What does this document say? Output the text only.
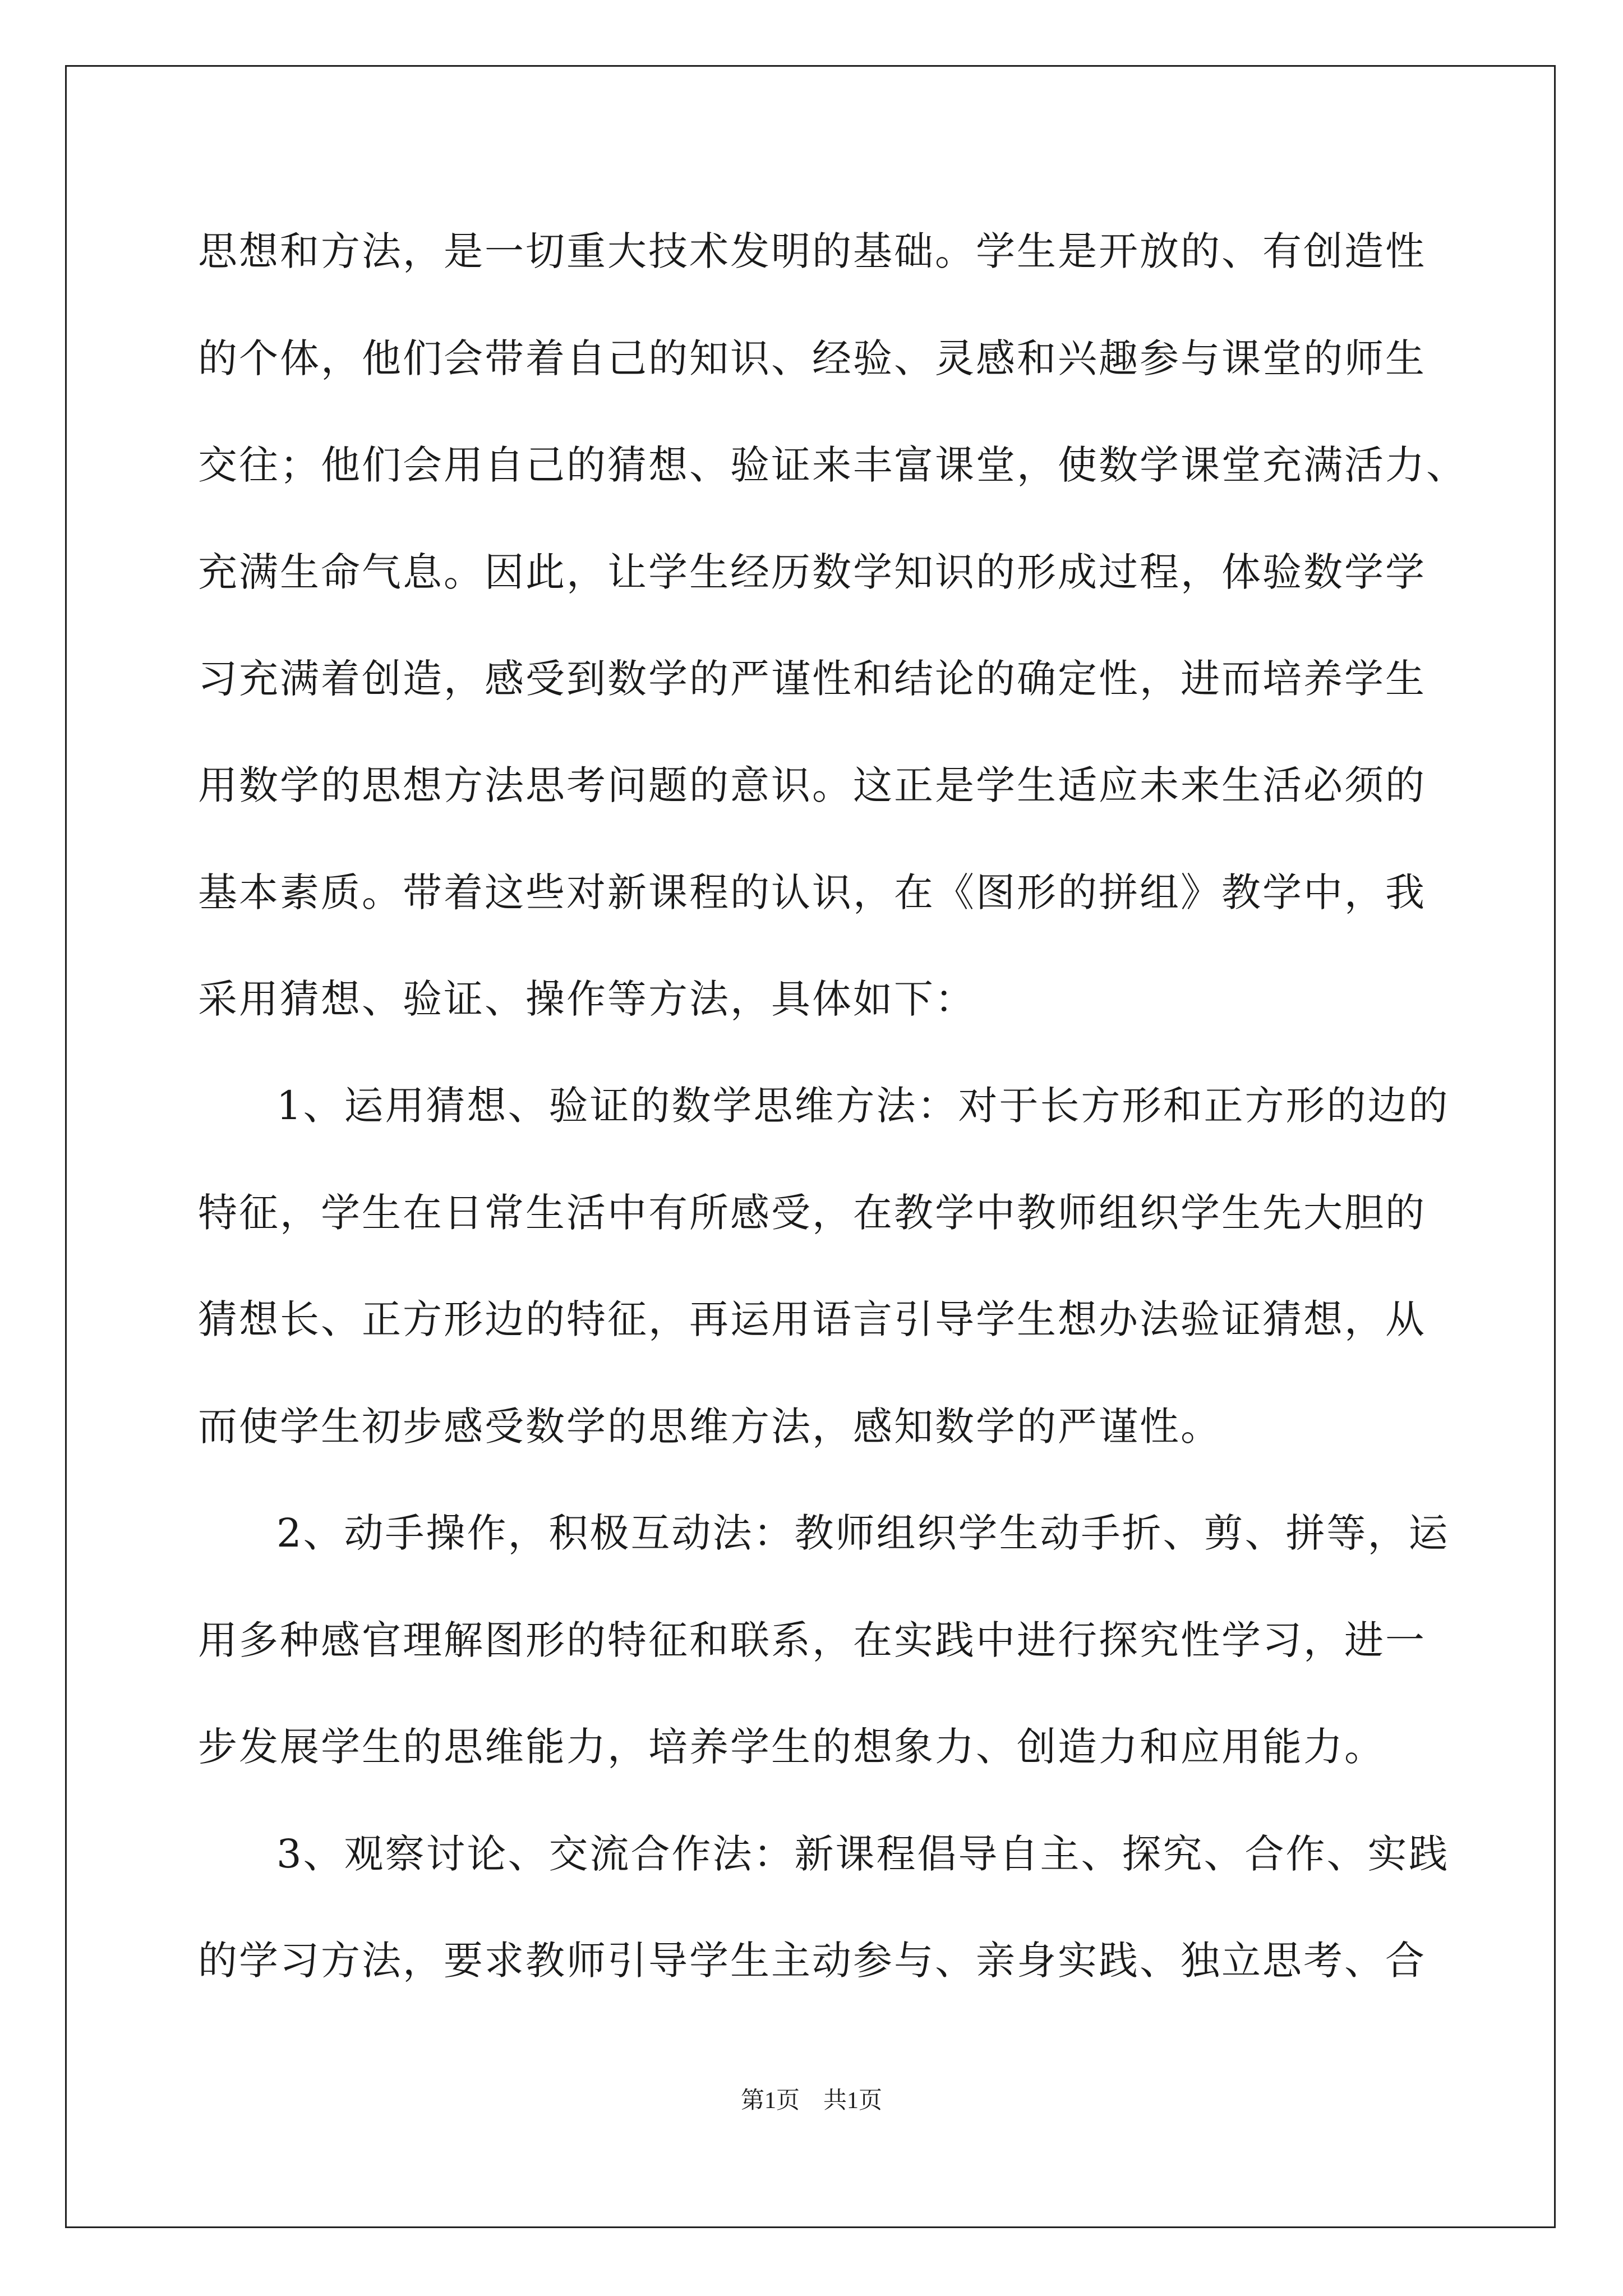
思想和方法，是一切重大技术发明的基础。学生是开放的、有创造性
的个体，他们会带着自己的知识、经验、灵感和兴趣参与课堂的师生
交往；他们会用自己的猜想、验证来丰富课堂，使数学课堂充满活力、
充满生命气息。因此，让学生经历数学知识的形成过程，体验数学学
习充满着创造，感受到数学的严谨性和结论的确定性，进而培养学生
用数学的思想方法思考问题的意识。这正是学生适应未来生活必须的
基本素质。带着这些对新课程的认识，在《图形的拼组》教学中，我
采用猜想、验证、操作等方法，具体如下：
1、运用猜想、验证的数学思维方法：对于长方形和正方形的边的
特征，学生在日常生活中有所感受，在教学中教师组织学生先大胆的
猜想长、正方形边的特征，再运用语言引导学生想办法验证猜想，从
而使学生初步感受数学的思维方法，感知数学的严谨性。
2、动手操作，积极互动法：教师组织学生动手折、剪、拼等，运
用多种感官理解图形的特征和联系，在实践中进行探究性学习，进一
步发展学生的思维能力，培养学生的想象力、创造力和应用能力。
3、观察讨论、交流合作法：新课程倡导自主、探究、合作、实践
的学习方法，要求教师引导学生主动参与、亲身实践、独立思考、合
第1页　共1页
